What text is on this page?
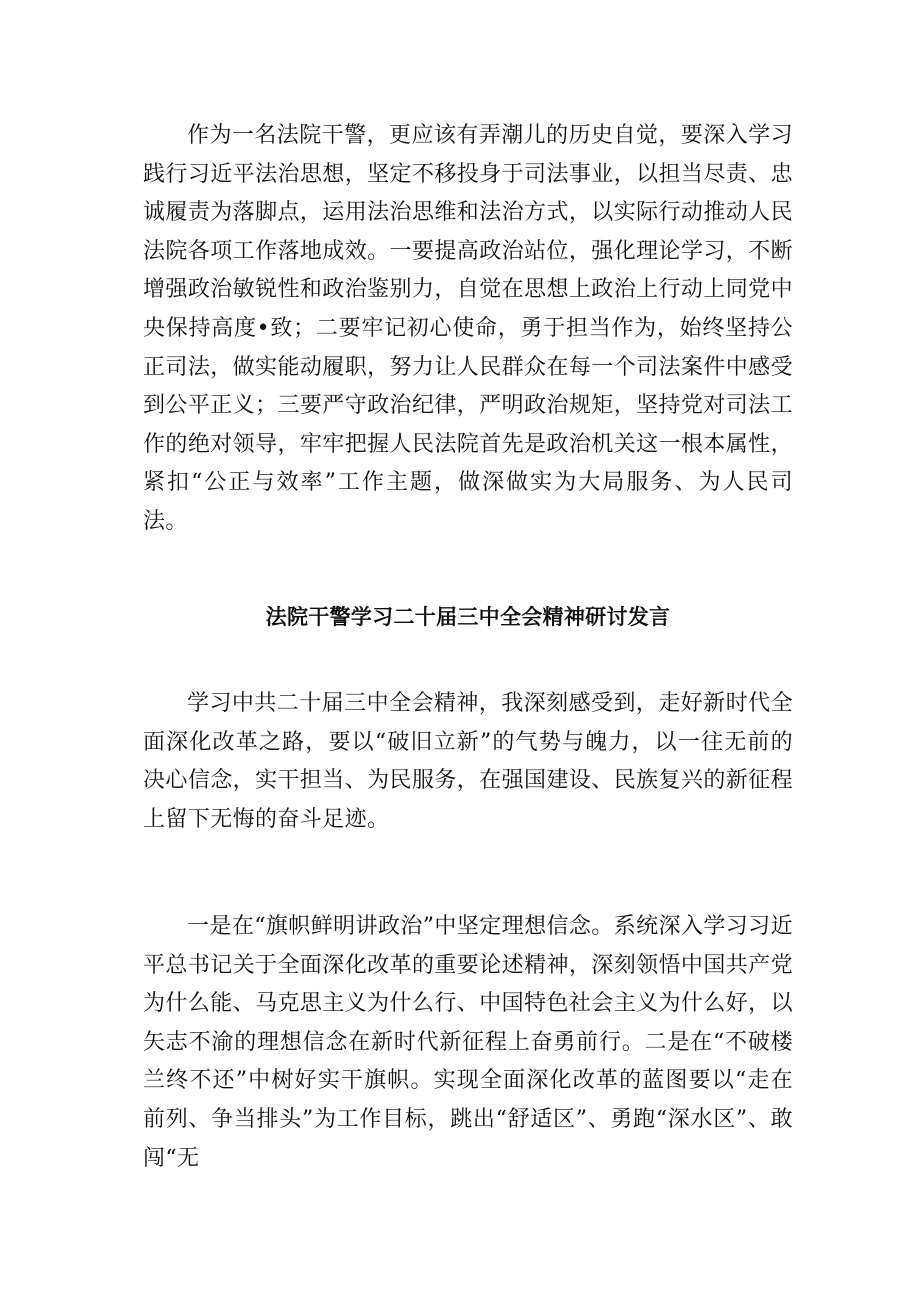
作为一名法院干警，更应该有弄潮儿的历史自觉，要深入学习践行习近平法治思想，坚定不移投身于司法事业，以担当尽责、忠诚履责为落脚点，运用法治思维和法治方式，以实际行动推动人民法院各项工作落地成效。一要提高政治站位，强化理论学习，不断增强政治敏锐性和政治鉴别力，自觉在思想上政治上行动上同党中央保持高度•致；二要牢记初心使命，勇于担当作为，始终坚持公正司法，做实能动履职，努力让人民群众在每一个司法案件中感受到公平正义；三要严守政治纪律，严明政治规矩，坚持党对司法工作的绝对领导，牢牢把握人民法院首先是政治机关这一根本属性，紧扣“公正与效率”工作主题，做深做实为大局服务、为人民司法。

法院干警学习二十届三中全会精神研讨发言

学习中共二十届三中全会精神，我深刻感受到，走好新时代全面深化改革之路，要以“破旧立新”的气势与魄力，以一往无前的决心信念，实干担当、为民服务，在强国建设、民族复兴的新征程上留下无悔的奋斗足迹。

一是在“旗帜鲜明讲政治”中坚定理想信念。系统深入学习习近平总书记关于全面深化改革的重要论述精神，深刻领悟中国共产党为什么能、马克思主义为什么行、中国特色社会主义为什么好，以矢志不渝的理想信念在新时代新征程上奋勇前行。二是在“不破楼兰终不还”中树好实干旗帜。实现全面深化改革的蓝图要以“走在前列、争当排头”为工作目标，跳出“舒适区”、勇跑“深水区”、敢闯“无
